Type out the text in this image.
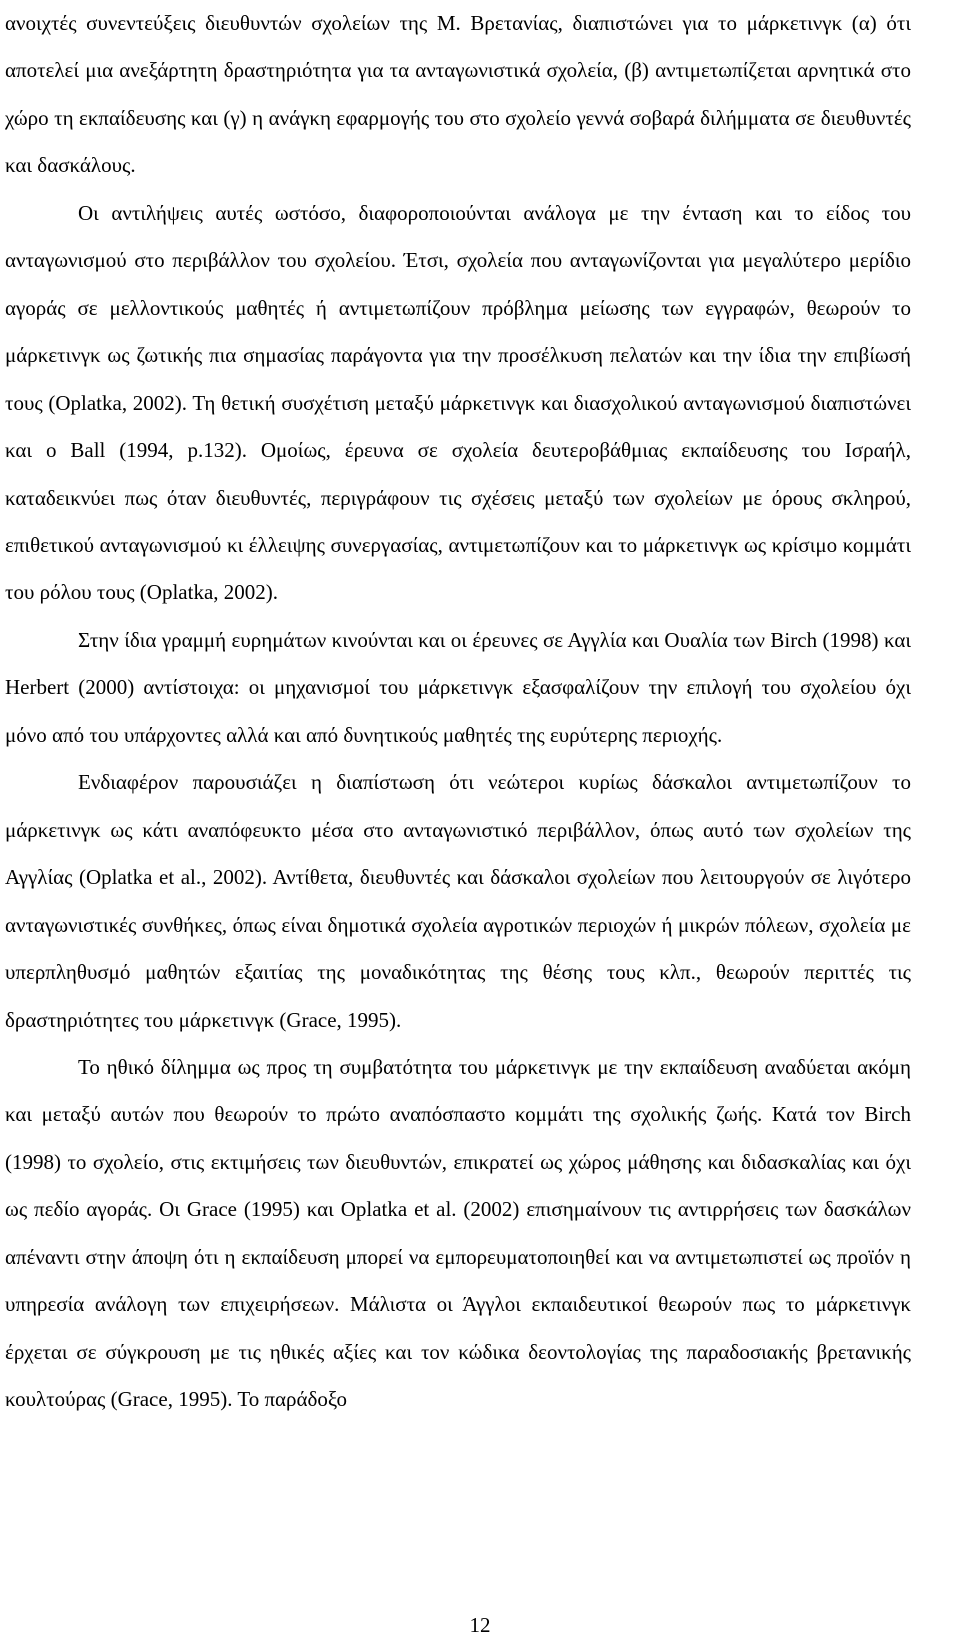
ανοιχτές συνεντεύξεις διευθυντών σχολείων της Μ. Βρετανίας, διαπιστώνει για το μάρκετινγκ (α) ότι αποτελεί μια ανεξάρτητη δραστηριότητα για τα ανταγωνιστικά σχολεία, (β) αντιμετωπίζεται αρνητικά στο χώρο τη εκπαίδευσης και (γ) η ανάγκη εφαρμογής του στο σχολείο γεννά σοβαρά διλήμματα σε διευθυντές και δασκάλους.

Οι αντιλήψεις αυτές ωστόσο, διαφοροποιούνται ανάλογα με την ένταση και το είδος του ανταγωνισμού στο περιβάλλον του σχολείου. Έτσι, σχολεία που ανταγωνίζονται για μεγαλύτερο μερίδιο αγοράς σε μελλοντικούς μαθητές ή αντιμετωπίζουν πρόβλημα μείωσης των εγγραφών, θεωρούν το μάρκετινγκ ως ζωτικής πια σημασίας παράγοντα για την προσέλκυση πελατών και την ίδια την επιβίωσή τους (Oplatka, 2002). Τη θετική συσχέτιση μεταξύ μάρκετινγκ και διασχολικού ανταγωνισμού διαπιστώνει και ο Ball (1994, p.132). Ομοίως, έρευνα σε σχολεία δευτεροβάθμιας εκπαίδευσης του Ισραήλ, καταδεικνύει πως όταν διευθυντές, περιγράφουν τις σχέσεις μεταξύ των σχολείων με όρους σκληρού, επιθετικού ανταγωνισμού κι έλλειψης συνεργασίας, αντιμετωπίζουν και το μάρκετινγκ ως κρίσιμο κομμάτι του ρόλου τους (Oplatka, 2002).

Στην ίδια γραμμή ευρημάτων κινούνται και οι έρευνες σε Αγγλία και Ουαλία των Birch (1998) και Herbert (2000) αντίστοιχα: οι μηχανισμοί του μάρκετινγκ εξασφαλίζουν την επιλογή του σχολείου όχι μόνο από του υπάρχοντες αλλά και από δυνητικούς μαθητές της ευρύτερης περιοχής.

Ενδιαφέρον παρουσιάζει η διαπίστωση ότι νεώτεροι κυρίως δάσκαλοι αντιμετωπίζουν το μάρκετινγκ ως κάτι αναπόφευκτο μέσα στο ανταγωνιστικό περιβάλλον, όπως αυτό των σχολείων της Αγγλίας (Oplatka et al., 2002). Αντίθετα, διευθυντές και δάσκαλοι σχολείων που λειτουργούν σε λιγότερο ανταγωνιστικές συνθήκες, όπως είναι δημοτικά σχολεία αγροτικών περιοχών ή μικρών πόλεων, σχολεία με υπερπληθυσμό μαθητών εξαιτίας της μοναδικότητας της θέσης τους κλπ., θεωρούν περιττές τις δραστηριότητες του μάρκετινγκ (Grace, 1995).

Το ηθικό δίλημμα ως προς τη συμβατότητα του μάρκετινγκ με την εκπαίδευση αναδύεται ακόμη και μεταξύ αυτών που θεωρούν το πρώτο αναπόσπαστο κομμάτι της σχολικής ζωής. Κατά τον Birch (1998) το σχολείο, στις εκτιμήσεις των διευθυντών, επικρατεί ως χώρος μάθησης και διδασκαλίας και όχι ως πεδίο αγοράς. Οι Grace (1995) και Oplatka et al. (2002) επισημαίνουν τις αντιρρήσεις των δασκάλων απέναντι στην άποψη ότι η εκπαίδευση μπορεί να εμπορευματοποιηθεί και να αντιμετωπιστεί ως προϊόν η υπηρεσία ανάλογη των επιχειρήσεων. Μάλιστα οι Άγγλοι εκπαιδευτικοί θεωρούν πως το μάρκετινγκ έρχεται σε σύγκρουση με τις ηθικές αξίες και τον κώδικα δεοντολογίας της παραδοσιακής βρετανικής κουλτούρας (Grace, 1995). Το παράδοξο

12
